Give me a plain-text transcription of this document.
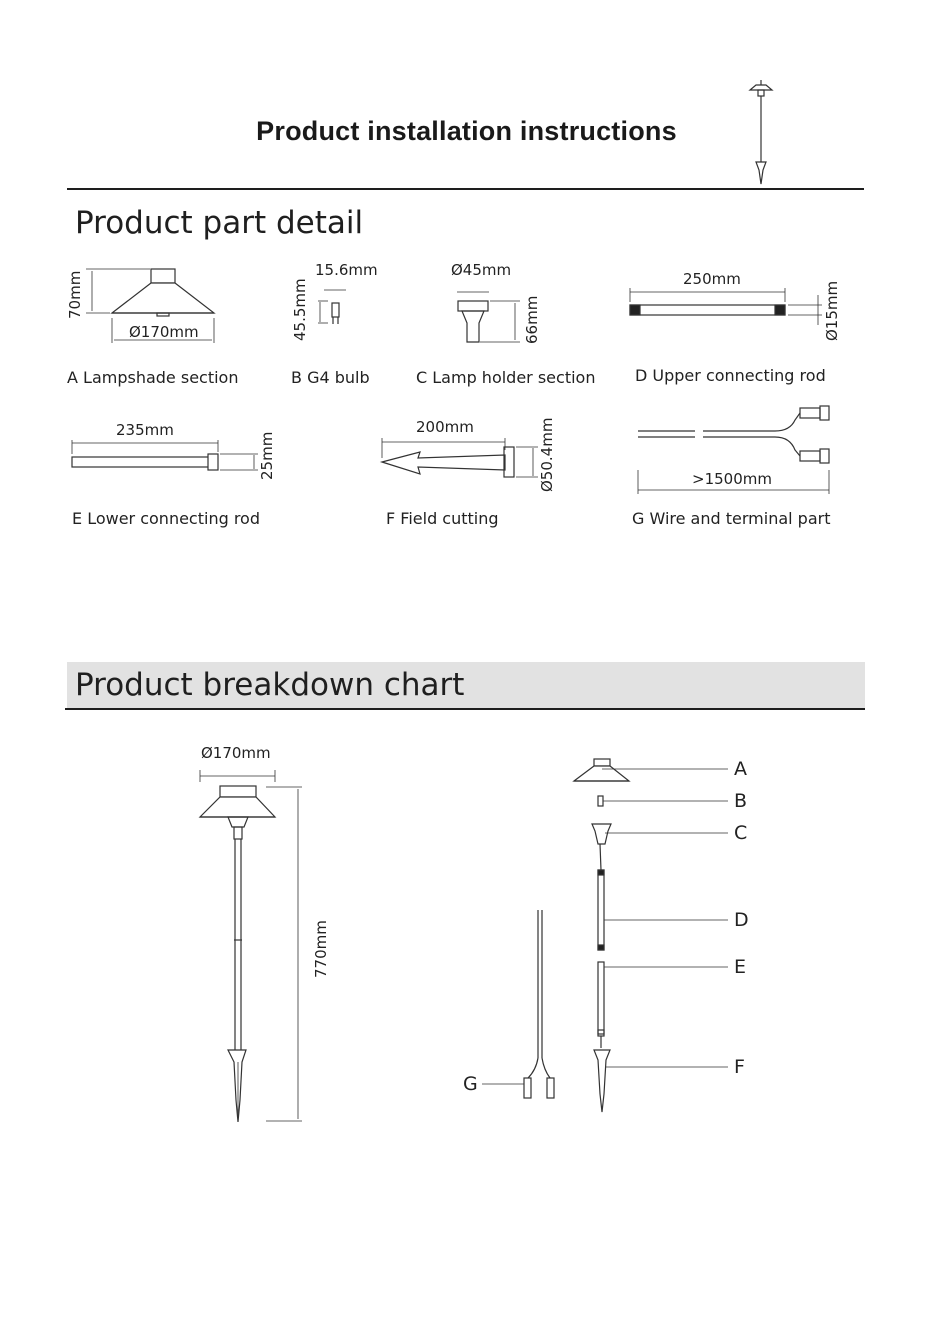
Product installation instructions
Product part detail
70mm
Ø170mm
15.6mm
45.5mm
Ø45mm
66mm
250mm
Ø15mm
A Lampshade section	B G4 bulb	C Lamp holder section D Upper connecting rod
235mm
25mm
200mm	Ø50.4mm	>1500mm
E Lower connecting rod	F Field cutting	G Wire and terminal part
Product breakdown chart
Ø170mm
770mm
A
B
C
D
E
F
G
